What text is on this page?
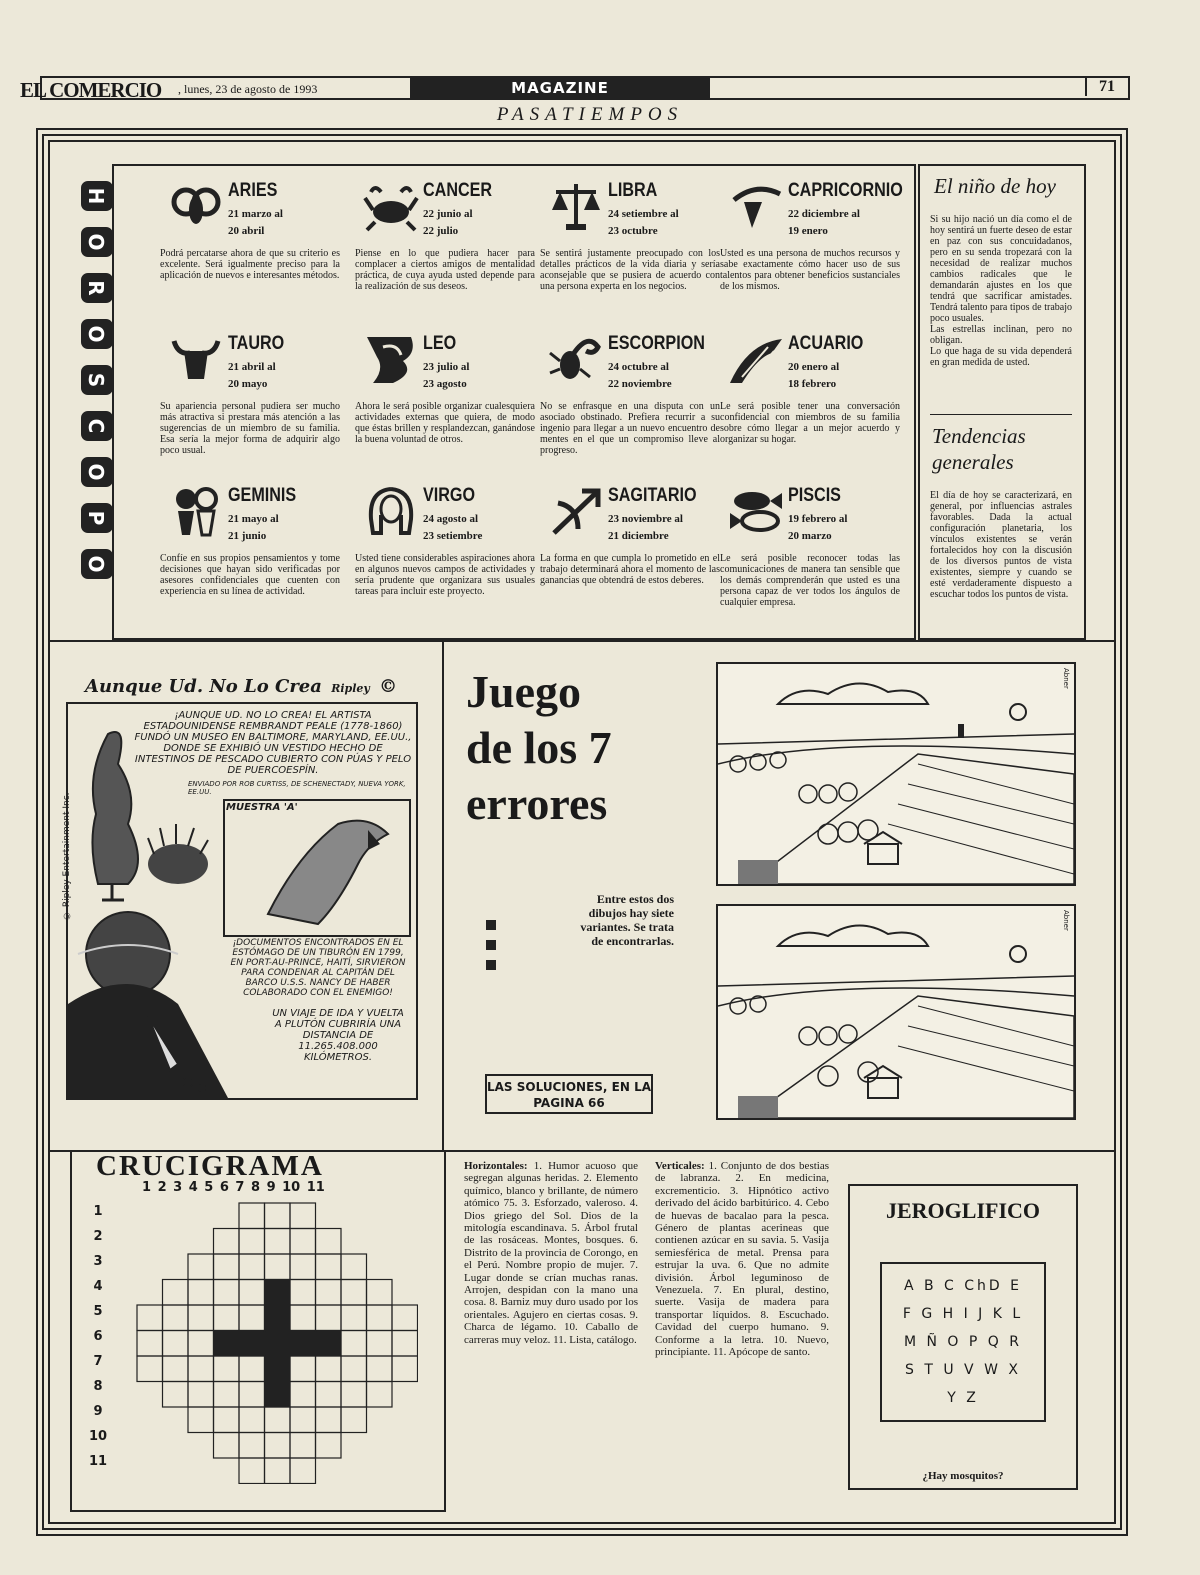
EL COMERCIO , lunes, 23 de agosto de 1993	MAGAZINE	71
PASATIEMPOS
H
O
R
O
S
C
O
P
O
ARIES
21 marzo al
20 abril
Podrá percatarse ahora de que su criterio es excelente. Será igualmente preciso para la aplicación de nuevos e interesantes métodos.
CANCER
22 junio al
22 julio
Piense en lo que pudiera hacer para complacer a ciertos amigos de mentalidad práctica, de cuya ayuda usted depende para la realización de sus deseos.
LIBRA
24 setiembre al
23 octubre
Se sentirá justamente preocupado con los detalles prácticos de la vida diaria y sería aconsejable que se pusiera de acuerdo con una persona experta en los negocios.
CAPRICORNIO
22 diciembre al
19 enero
Usted es una persona de muchos recursos y sabe exactamente cómo hacer uso de sus talentos para obtener beneficios sustanciales de los mismos.
TAURO
21 abril al
20 mayo
Su apariencia personal pudiera ser mucho más atractiva si prestara más atención a las sugerencias de un miembro de su familia. Esa sería la mejor forma de adquirir algo poco usual.
LEO
23 julio al
23 agosto
Ahora le será posible organizar cualesquiera actividades externas que quiera, de modo que éstas brillen y resplandezcan, ganándose la buena voluntad de otros.
ESCORPION
24 octubre al
22 noviembre
No se enfrasque en una disputa con un asociado obstinado. Prefiera recurrir a su ingenio para llegar a un nuevo encuentro de mentes en el que un compromiso lleve al progreso.
ACUARIO
20 enero al
18 febrero
Le será posible tener una conversación confidencial con miembros de su familia sobre cómo llegar a un mejor acuerdo y organizar su hogar.
GEMINIS
21 mayo al
21 junio
Confíe en sus propios pensamientos y tome decisiones que hayan sido verificadas por asesores confidenciales que cuenten con experiencia en su línea de actividad.
VIRGO
24 agosto al
23 setiembre
Usted tiene considerables aspiraciones ahora en algunos nuevos campos de actividades y sería prudente que organizara sus usuales tareas para incluir este proyecto.
SAGITARIO
23 noviembre al
21 diciembre
La forma en que cumpla lo prometido en el trabajo determinará ahora el momento de las ganancias que obtendrá de estos deberes.
PISCIS
19 febrero al
20 marzo
Le será posible reconocer todas las comunicaciones de manera tan sensible que los demás comprenderán que usted es una persona capaz de ver todos los ángulos de cualquier empresa.
El niño de hoy
Si su hijo nació un día como el de hoy sentirá un fuerte deseo de estar en paz con sus concuidadanos, pero en su senda tropezará con la necesidad de realizar muchos cambios radicales que le demandarán ajustes en los que tendrá que sacrificar amistades. Tendrá talento para tipos de trabajo poco usuales.
Las estrellas inclinan, pero no obligan.
Lo que haga de su vida dependerá en gran medida de usted.
Tendencias
generales
El día de hoy se caracterizará, en general, por influencias astrales favorables. Dada la actual configuración planetaria, los vínculos existentes se verán fortalecidos hoy con la discusión de los diversos puntos de vista existentes, siempre y cuando se esté verdaderamente dispuesto a escuchar todos los puntos de vista.
Aunque Ud. No Lo Crea Ripley ©
¡AUNQUE UD. NO LO CREA! EL ARTISTA ESTADOUNIDENSE REMBRANDT PEALE (1778-1860) FUNDÓ UN MUSEO EN BALTIMORE, MARYLAND, EE.UU., DONDE SE EXHIBIÓ UN VESTIDO HECHO DE INTESTINOS DE PESCADO CUBIERTO CON PÚAS Y PELO DE PUERCOESPÍN.
ENVIADO POR ROB CURTISS, DE SCHENECTADY, NUEVA YORK, EE.UU.
MUESTRA 'A'
¡DOCUMENTOS ENCONTRADOS EN EL ESTÓMAGO DE UN TIBURÓN EN 1799, EN PORT-AU-PRINCE, HAITÍ, SIRVIERON PARA CONDENAR AL CAPITÁN DEL BARCO U.S.S. NANCY DE HABER COLABORADO CON EL ENEMIGO!
UN VIAJE DE IDA Y VUELTA A PLUTÓN CUBRIRÍA UNA DISTANCIA DE 11.265.408.000 KILÓMETROS.
© Ripley Entertainment Inc.
Juego
de los 7
errores
Entre estos dos dibujos hay siete variantes. Se trata de encontrarlas.
LAS SOLUCIONES, EN LA PAGINA 66
Abner
Abner
CRUCIGRAMA
1 2 3 4 5 6 7 8 9 10 11
1
2
3
4
5
6
7
8
9
10
11
Horizontales: 1. Humor acuoso que segregan algunas heridas. 2. Elemento químico, blanco y brillante, de número atómico 75. 3. Esforzado, valeroso. 4. Dios griego del Sol. Dios de la mitología escandinava. 5. Árbol frutal de las rosáceas. Montes, bosques. 6. Distrito de la provincia de Corongo, en el Perú. Nombre propio de mujer. 7. Lugar donde se crían muchas ranas. Arrojen, despidan con la mano una cosa. 8. Barniz muy duro usado por los orientales. Agujero en ciertas cosas. 9. Charca de légamo. 10. Caballo de carreras muy veloz. 11. Lista, catálogo.
Verticales: 1. Conjunto de dos bestias de labranza. 2. En medicina, excrementicio. 3. Hipnótico activo derivado del ácido barbitúrico. 4. Cebo de huevas de bacalao para la pesca. Género de plantas acerineas que contienen azúcar en su savia. 5. Vasija semiesférica de metal. Prensa para estrujar la uva. 6. Que no admite división. Árbol leguminoso de Venezuela. 7. En plural, destino, suerte. Vasija de madera para transportar líquidos. 8. Escuchado. Cavidad del cuerpo humano. 9. Conforme a la letra. 10. Nuevo, principiante. 11. Apócope de santo.
JEROGLIFICO
A B C ChD E
F G H I J K L
M Ñ O P Q R
S T U V W X
Y Z
¿Hay mosquitos?
